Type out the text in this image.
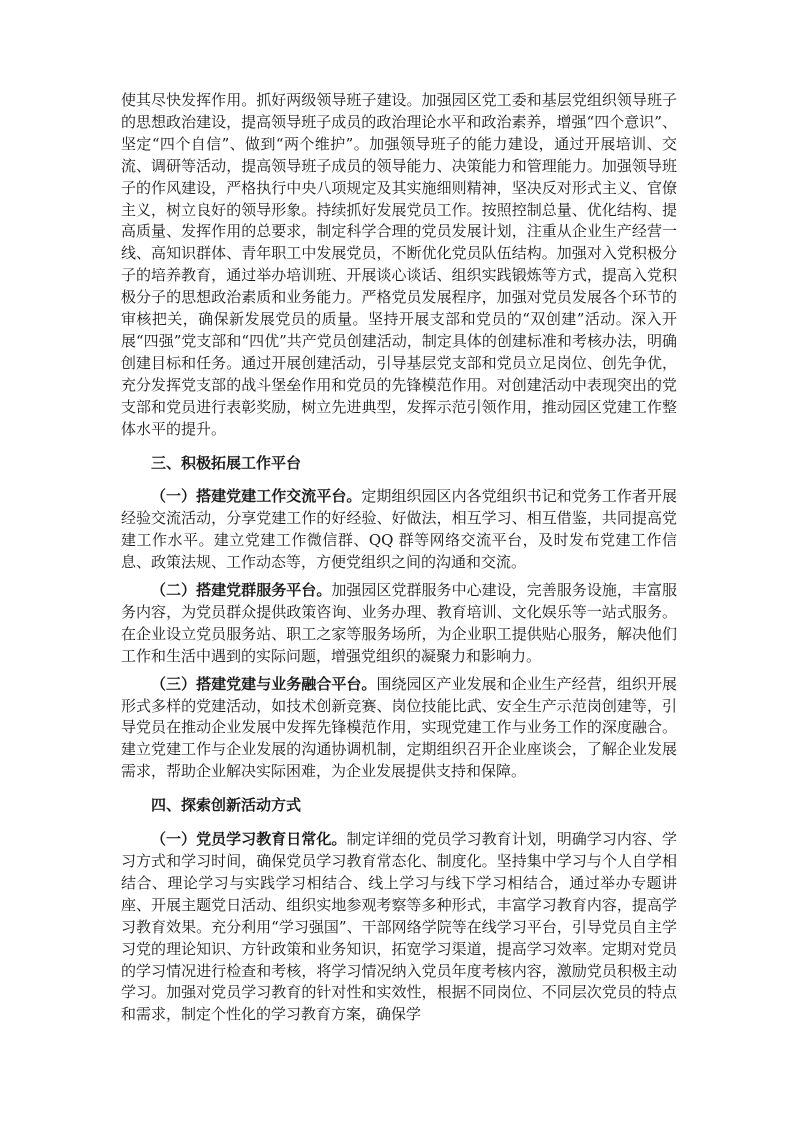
使其尽快发挥作用。抓好两级领导班子建设。加强园区党工委和基层党组织领导班子的思想政治建设，提高领导班子成员的政治理论水平和政治素养，增强“四个意识”、坚定“四个自信”、做到“两个维护”。加强领导班子的能力建设，通过开展培训、交流、调研等活动，提高领导班子成员的领导能力、决策能力和管理能力。加强领导班子的作风建设，严格执行中央八项规定及其实施细则精神，坚决反对形式主义、官僚主义，树立良好的领导形象。持续抓好发展党员工作。按照控制总量、优化结构、提高质量、发挥作用的总要求，制定科学合理的党员发展计划，注重从企业生产经营一线、高知识群体、青年职工中发展党员，不断优化党员队伍结构。加强对入党积极分子的培养教育，通过举办培训班、开展谈心谈话、组织实践锻炼等方式，提高入党积极分子的思想政治素质和业务能力。严格党员发展程序，加强对党员发展各个环节的审核把关，确保新发展党员的质量。坚持开展支部和党员的“双创建”活动。深入开展“四强”党支部和“四优”共产党员创建活动，制定具体的创建标准和考核办法，明确创建目标和任务。通过开展创建活动，引导基层党支部和党员立足岗位、创先争优，充分发挥党支部的战斗堡垒作用和党员的先锋模范作用。对创建活动中表现突出的党支部和党员进行表彰奖励，树立先进典型，发挥示范引领作用，推动园区党建工作整体水平的提升。

三、积极拓展工作平台

（一）搭建党建工作交流平台。定期组织园区内各党组织书记和党务工作者开展经验交流活动，分享党建工作的好经验、好做法，相互学习、相互借鉴，共同提高党建工作水平。建立党建工作微信群、QQ 群等网络交流平台，及时发布党建工作信息、政策法规、工作动态等，方便党组织之间的沟通和交流。

（二）搭建党群服务平台。加强园区党群服务中心建设，完善服务设施，丰富服务内容，为党员群众提供政策咨询、业务办理、教育培训、文化娱乐等一站式服务。在企业设立党员服务站、职工之家等服务场所，为企业职工提供贴心服务，解决他们工作和生活中遇到的实际问题，增强党组织的凝聚力和影响力。

（三）搭建党建与业务融合平台。围绕园区产业发展和企业生产经营，组织开展形式多样的党建活动，如技术创新竞赛、岗位技能比武、安全生产示范岗创建等，引导党员在推动企业发展中发挥先锋模范作用，实现党建工作与业务工作的深度融合。建立党建工作与企业发展的沟通协调机制，定期组织召开企业座谈会，了解企业发展需求，帮助企业解决实际困难，为企业发展提供支持和保障。

四、探索创新活动方式

（一）党员学习教育日常化。制定详细的党员学习教育计划，明确学习内容、学习方式和学习时间，确保党员学习教育常态化、制度化。坚持集中学习与个人自学相结合、理论学习与实践学习相结合、线上学习与线下学习相结合，通过举办专题讲座、开展主题党日活动、组织实地参观考察等多种形式，丰富学习教育内容，提高学习教育效果。充分利用“学习强国”、干部网络学院等在线学习平台，引导党员自主学习党的理论知识、方针政策和业务知识，拓宽学习渠道，提高学习效率。定期对党员的学习情况进行检查和考核，将学习情况纳入党员年度考核内容，激励党员积极主动学习。加强对党员学习教育的针对性和实效性，根据不同岗位、不同层次党员的特点和需求，制定个性化的学习教育方案，确保学
